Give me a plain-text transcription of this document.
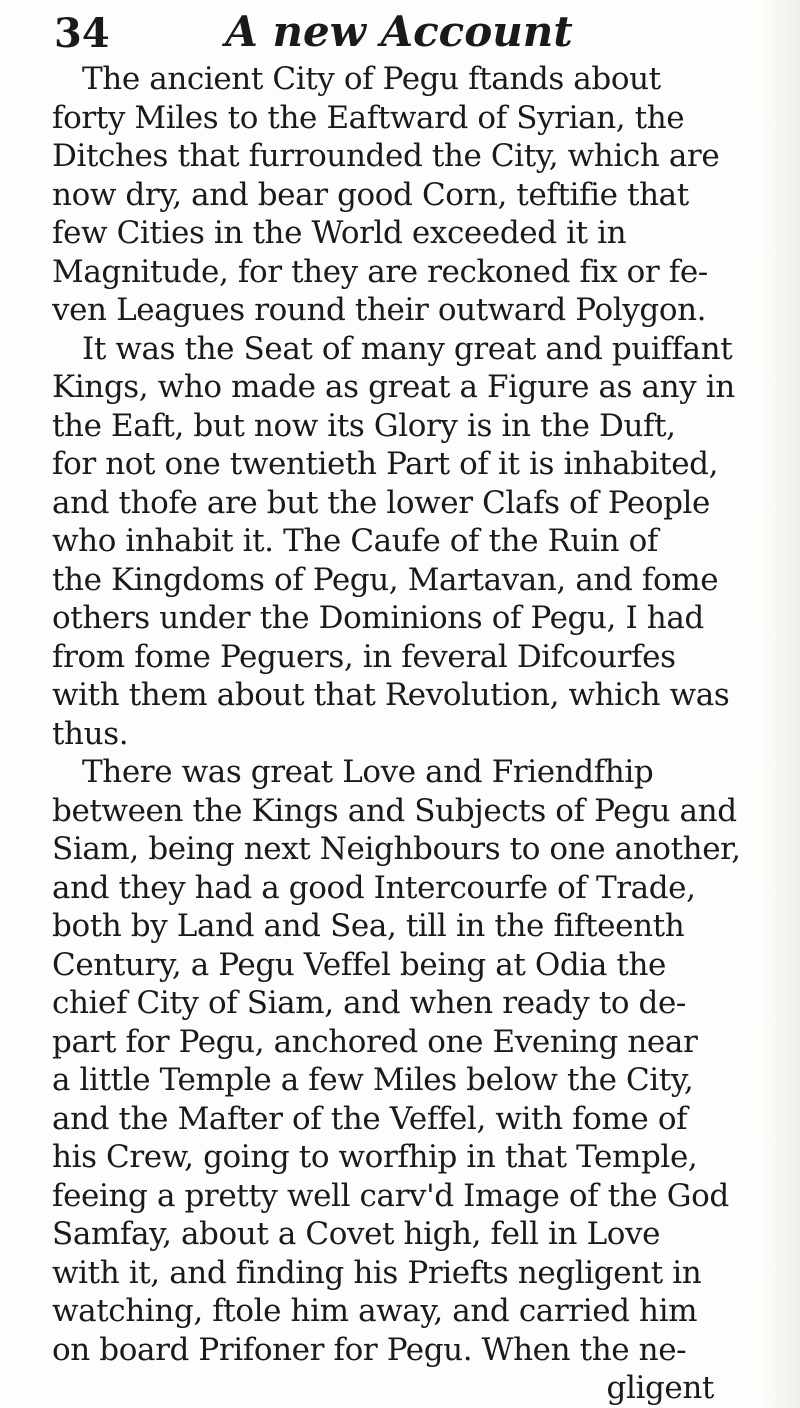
34	A new Account
The ancient City of Pegu ftands about
forty Miles to the Eaftward of Syrian, the
Ditches that furrounded the City, which are
now dry, and bear good Corn, teftifie that
few Cities in the World exceeded it in
Magnitude, for they are reckoned fix or fe-
ven Leagues round their outward Polygon.
It was the Seat of many great and puiffant
Kings, who made as great a Figure as any in
the Eaft, but now its Glory is in the Duft,
for not one twentieth Part of it is inhabited,
and thofe are but the lower Clafs of People
who inhabit it. The Caufe of the Ruin of
the Kingdoms of Pegu, Martavan, and fome
others under the Dominions of Pegu, I had
from fome Peguers, in feveral Difcourfes
with them about that Revolution, which was
thus.
There was great Love and Friendfhip
between the Kings and Subjects of Pegu and
Siam, being next Neighbours to one another,
and they had a good Intercourfe of Trade,
both by Land and Sea, till in the fifteenth
Century, a Pegu Veffel being at Odia the
chief City of Siam, and when ready to de-
part for Pegu, anchored one Evening near
a little Temple a few Miles below the City,
and the Mafter of the Veffel, with fome of
his Crew, going to worfhip in that Temple,
feeing a pretty well carv'd Image of the God
Samfay, about a Covet high, fell in Love
with it, and finding his Priefts negligent in
watching, ftole him away, and carried him
on board Prifoner for Pegu. When the ne-
gligent
